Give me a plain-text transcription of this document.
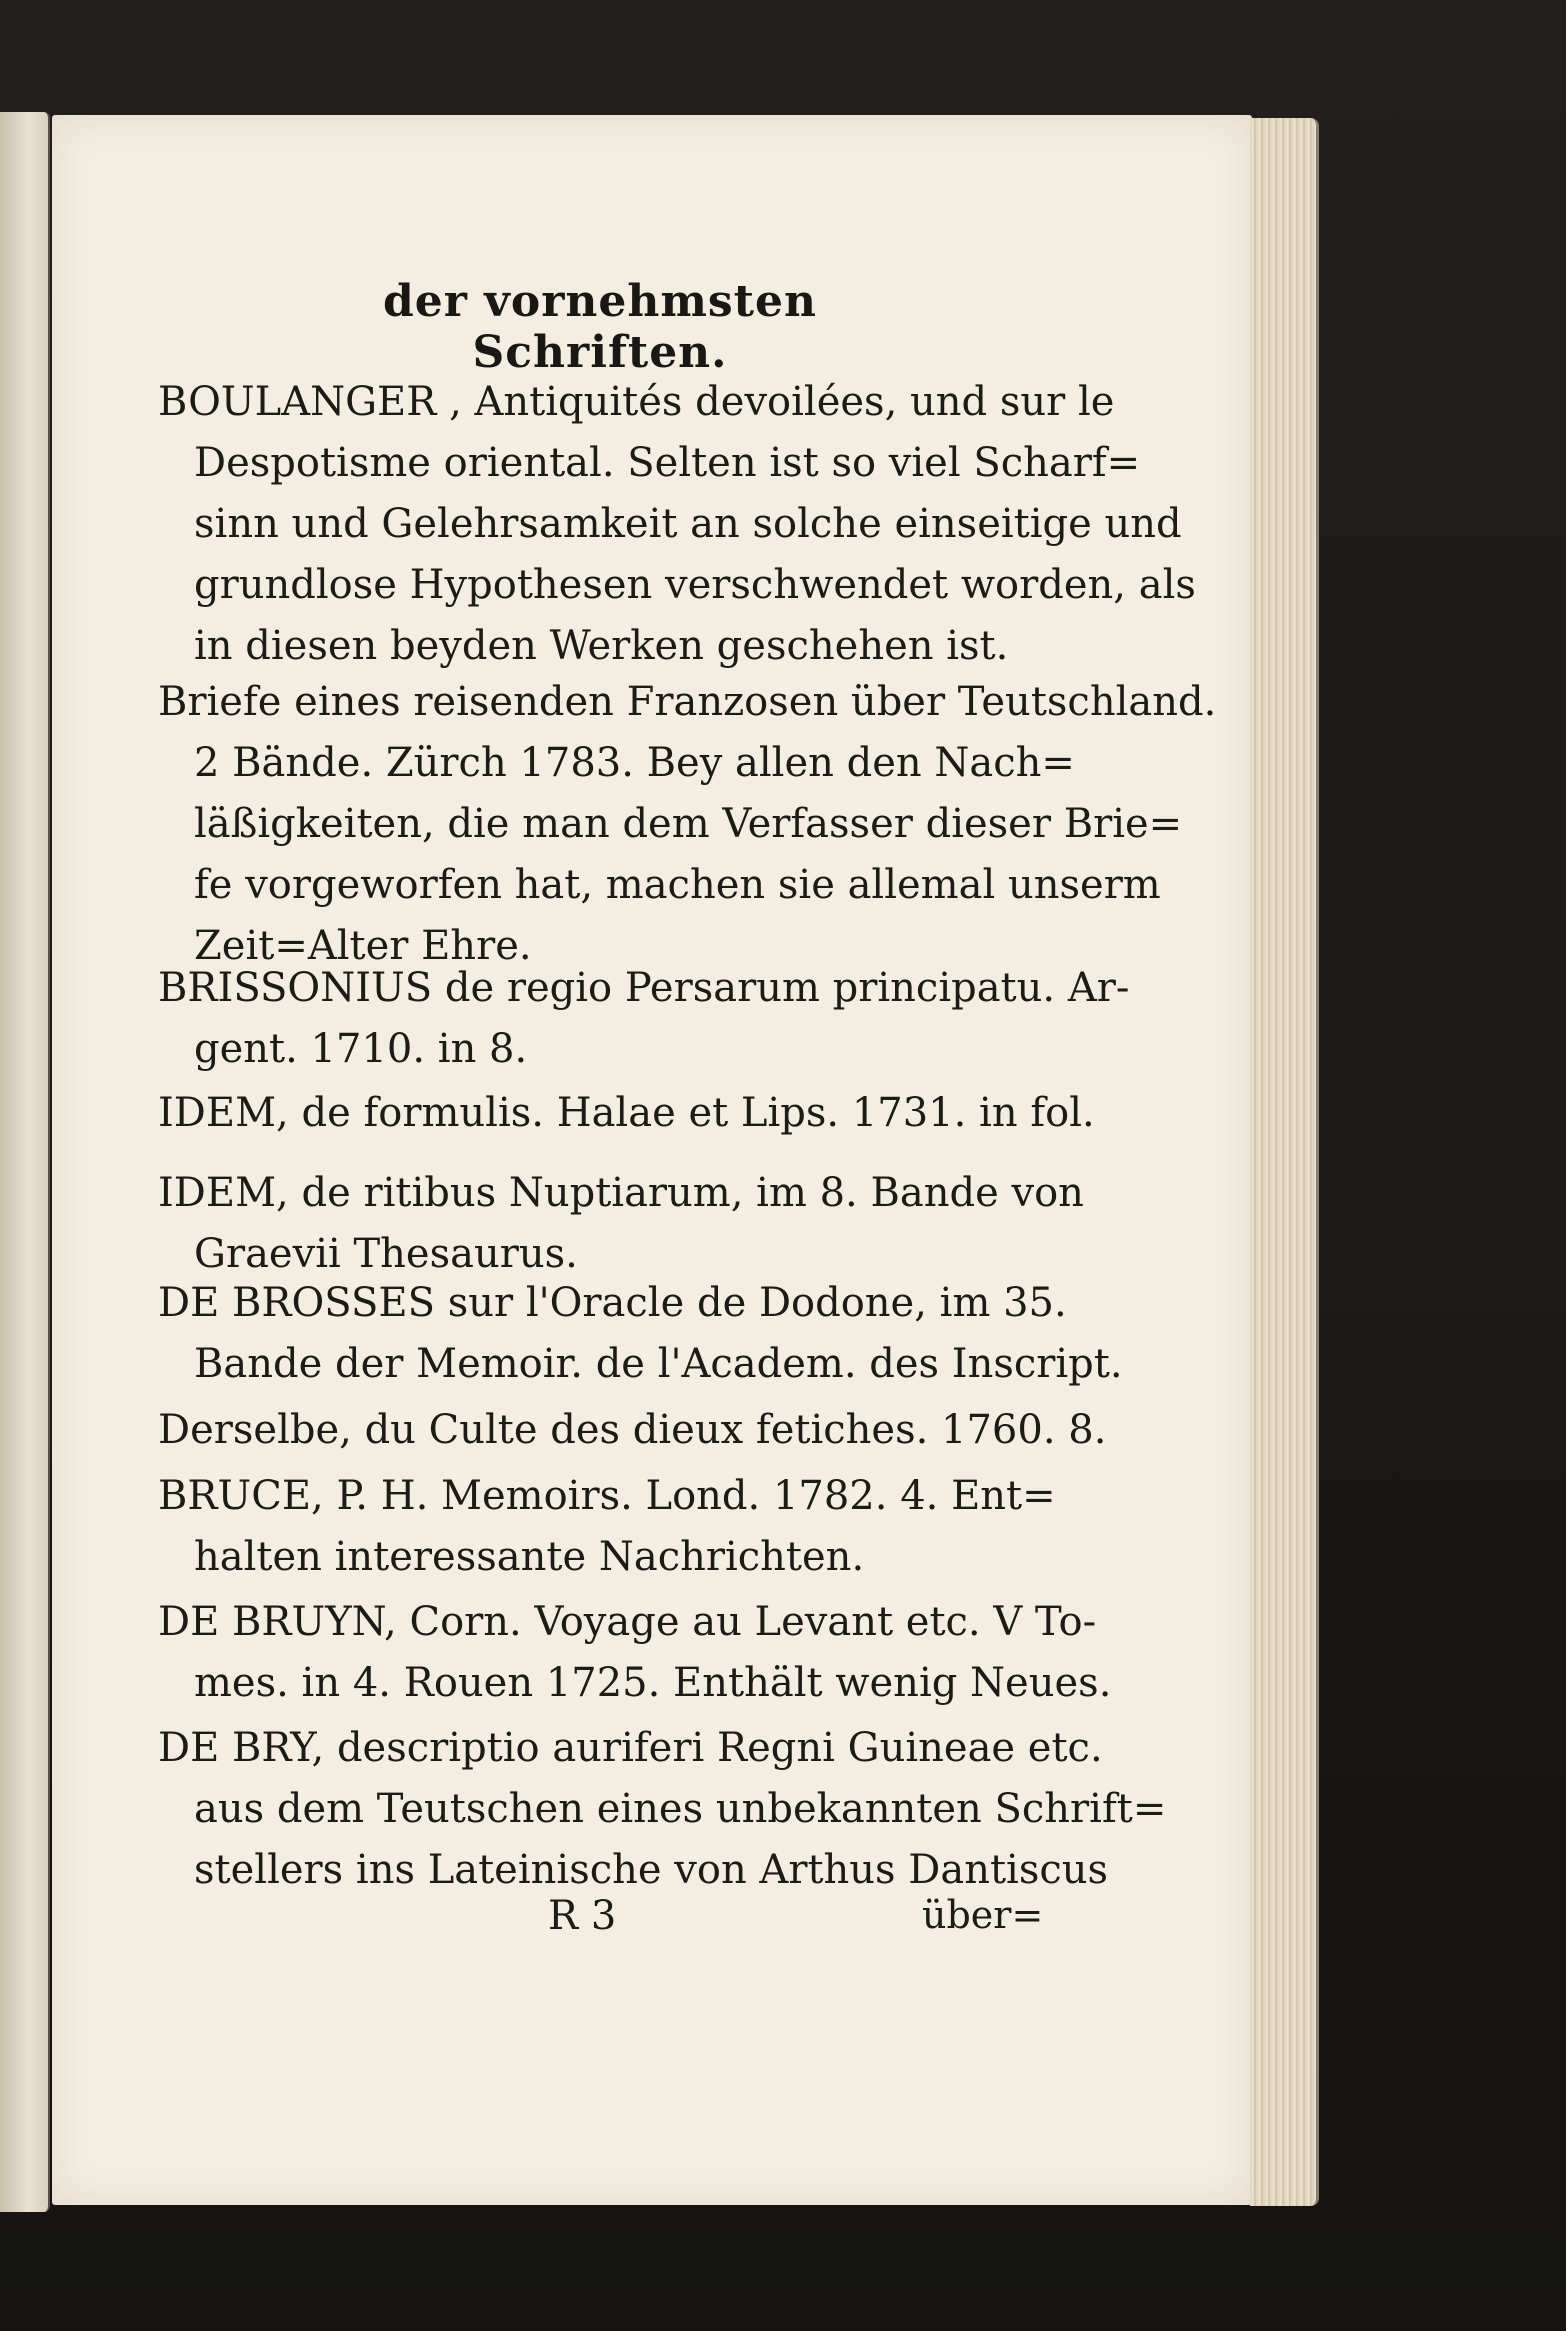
der vornehmsten Schriften.
BOULANGER , Antiquités devoilées, und sur le
Despotisme oriental. Selten ist so viel Scharf=
sinn und Gelehrsamkeit an solche einseitige und
grundlose Hypothesen verschwendet worden, als
in diesen beyden Werken geschehen ist.
Briefe eines reisenden Franzosen über Teutschland.
2 Bände. Zürch 1783. Bey allen den Nach=
läßigkeiten, die man dem Verfasser dieser Brie=
fe vorgeworfen hat, machen sie allemal unserm
Zeit=Alter Ehre.
BRISSONIUS de regio Persarum principatu. Ar-
gent. 1710. in 8.
IDEM, de formulis. Halae et Lips. 1731. in fol.
IDEM, de ritibus Nuptiarum, im 8. Bande von
Graevii Thesaurus.
DE BROSSES sur l'Oracle de Dodone, im 35.
Bande der Memoir. de l'Academ. des Inscript.
Derselbe, du Culte des dieux fetiches. 1760. 8.
BRUCE, P. H. Memoirs. Lond. 1782. 4. Ent=
halten interessante Nachrichten.
DE BRUYN, Corn. Voyage au Levant etc. V To-
mes. in 4. Rouen 1725. Enthält wenig Neues.
DE BRY, descriptio auriferi Regni Guineae etc.
aus dem Teutschen eines unbekannten Schrift=
stellers ins Lateinische von Arthus Dantiscus
R 3	über=
